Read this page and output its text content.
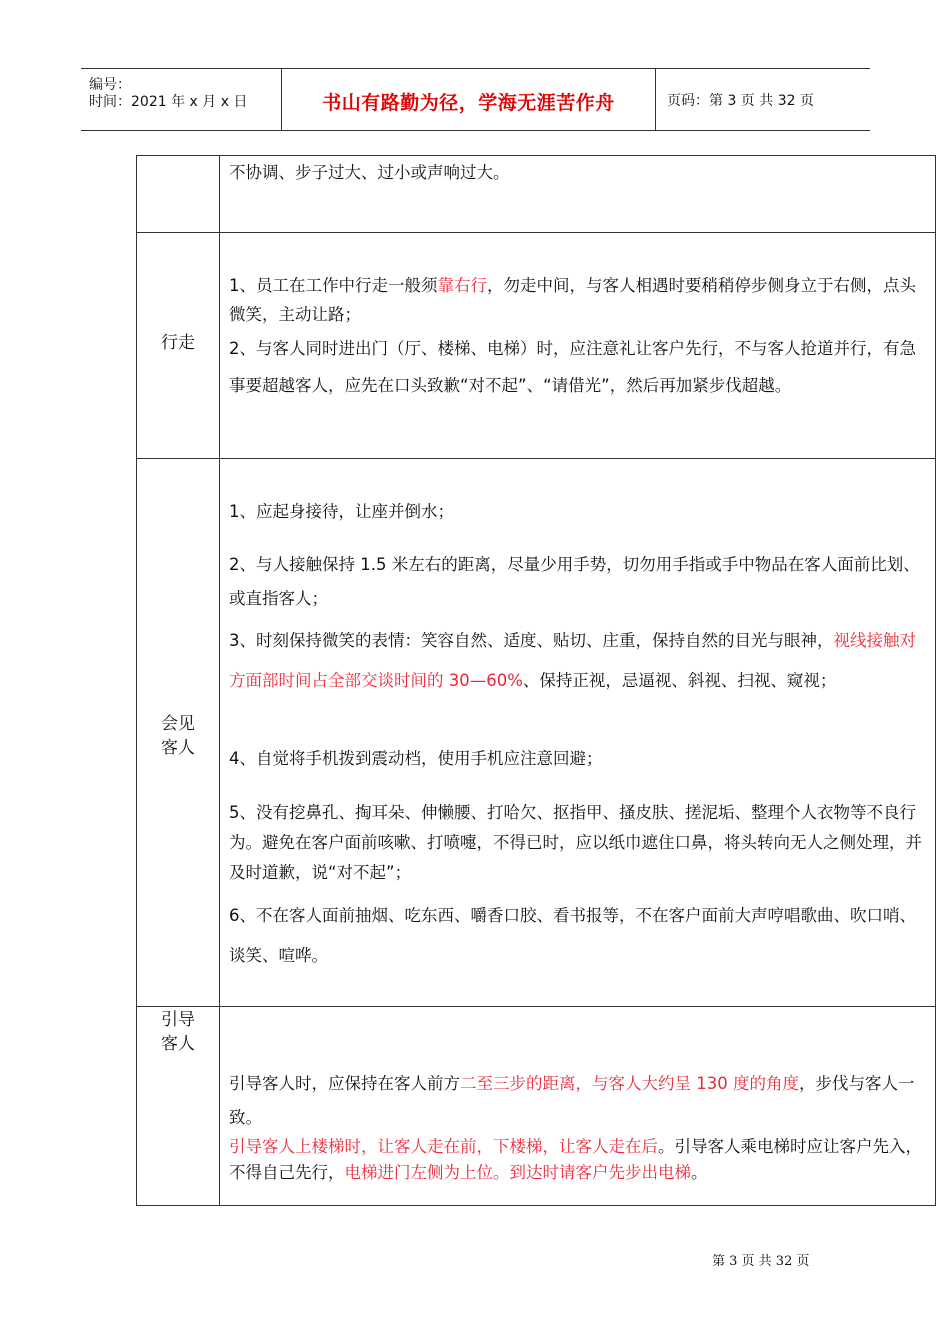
编号：
时间：2021 年 x 月 x 日	书山有路勤为径，学海无涯苦作舟	页码：第 3 页 共 32 页

不协调、步子过大、过小或声响过大。

行走

1、员工在工作中行走一般须靠右行，勿走中间，与客人相遇时要稍稍停步侧身立于右侧，点头微笑，主动让路；

2、与客人同时进出门（厅、楼梯、电梯）时，应注意礼让客户先行，不与客人抢道并行，有急事要超越客人，应先在口头致歉“对不起”、“请借光”，然后再加紧步伐超越。

会见
客人

1、应起身接待，让座并倒水；

2、与人接触保持 1.5 米左右的距离，尽量少用手势，切勿用手指或手中物品在客人面前比划、或直指客人；

3、时刻保持微笑的表情：笑容自然、适度、贴切、庄重，保持自然的目光与眼神，视线接触对方面部时间占全部交谈时间的 30—60%、保持正视，忌逼视、斜视、扫视、窥视；

4、自觉将手机拨到震动档，使用手机应注意回避；

5、没有挖鼻孔、掏耳朵、伸懒腰、打哈欠、抠指甲、搔皮肤、搓泥垢、整理个人衣物等不良行为。避免在客户面前咳嗽、打喷嚏，不得已时，应以纸巾遮住口鼻，将头转向无人之侧处理，并及时道歉，说“对不起”；

6、不在客人面前抽烟、吃东西、嚼香口胶、看书报等，不在客户面前大声哼唱歌曲、吹口哨、谈笑、喧哗。

引导
客人

引导客人时，应保持在客人前方二至三步的距离，与客人大约呈 130 度的角度，步伐与客人一致。

引导客人上楼梯时，让客人走在前，下楼梯，让客人走在后。引导客人乘电梯时应让客户先入，不得自己先行，电梯进门左侧为上位。到达时请客户先步出电梯。

第 3 页 共 32 页
